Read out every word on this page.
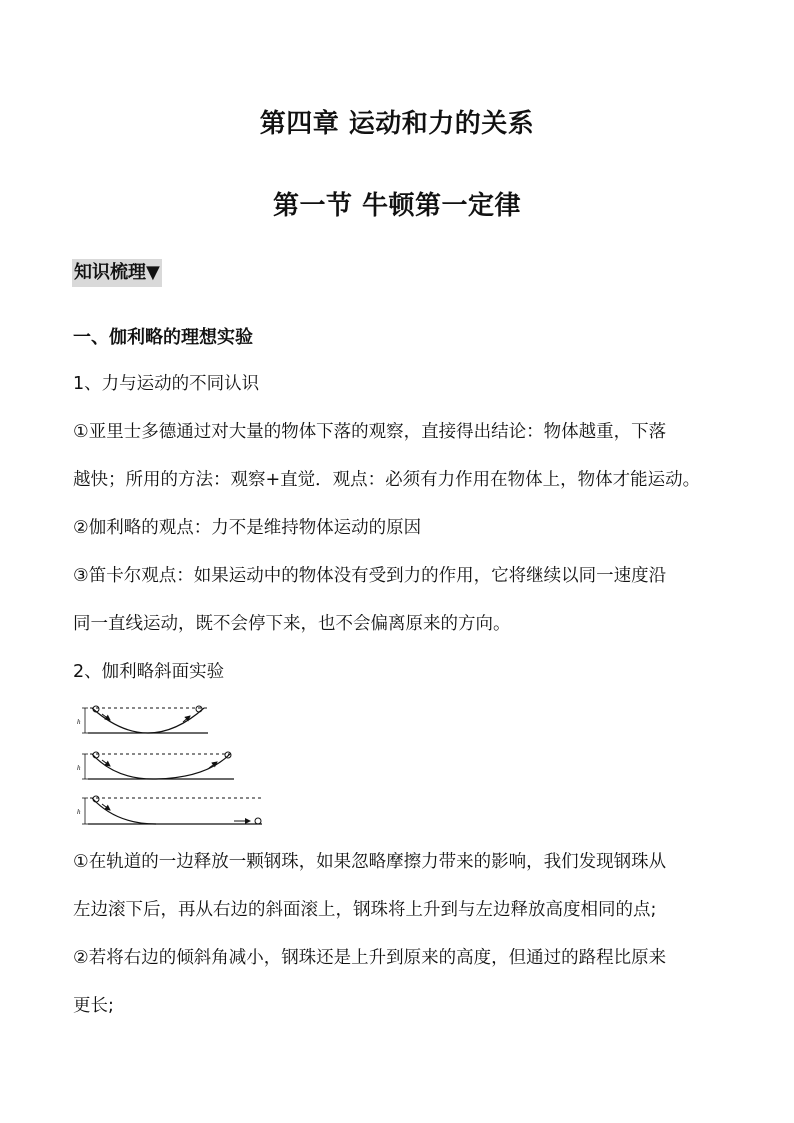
第四章 运动和力的关系
第一节 牛顿第一定律
知识梳理▼
一、伽利略的理想实验
1、力与运动的不同认识
①亚里士多德通过对大量的物体下落的观察，直接得出结论：物体越重，下落
越快；所用的方法：观察+直觉．观点：必须有力作用在物体上，物体才能运动。
②伽利略的观点：力不是维持物体运动的原因
③笛卡尔观点：如果运动中的物体没有受到力的作用，它将继续以同一速度沿
同一直线运动，既不会停下来，也不会偏离原来的方向。
2、伽利略斜面实验
h
h
h
①在轨道的一边释放一颗钢珠，如果忽略摩擦力带来的影响，我们发现钢珠从
左边滚下后，再从右边的斜面滚上，钢珠将上升到与左边释放高度相同的点;
②若将右边的倾斜角减小，钢珠还是上升到原来的高度，但通过的路程比原来
更长;
